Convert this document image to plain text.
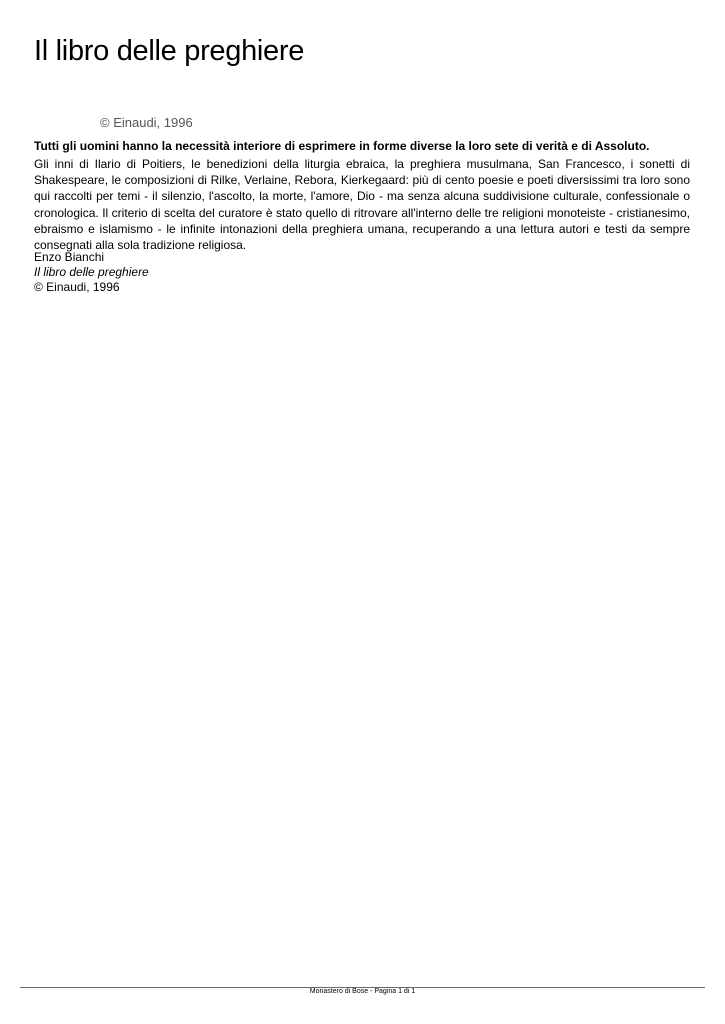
Il libro delle preghiere
© Einaudi, 1996
Tutti gli uomini hanno la necessità interiore di esprimere in forme diverse la loro sete di verità e di Assoluto.

Gli inni di Ilario di Poitiers, le benedizioni della liturgia ebraica, la preghiera musulmana, San Francesco, i sonetti di Shakespeare, le composizioni di Rilke, Verlaine, Rebora, Kierkegaard: più di cento poesie e poeti diversissimi tra loro sono qui raccolti per temi - il silenzio, l'ascolto, la morte, l'amore, Dio - ma senza alcuna suddivisione culturale, confessionale o cronologica. Il criterio di scelta del curatore è stato quello di ritrovare all'interno delle tre religioni monoteiste - cristianesimo, ebraismo e islamismo - le infinite intonazioni della preghiera umana, recuperando a una lettura autori e testi da sempre consegnati alla sola tradizione religiosa.

Enzo Bianchi
Il libro delle preghiere
© Einaudi, 1996
Monastero di Bose - Pagina 1 di 1
